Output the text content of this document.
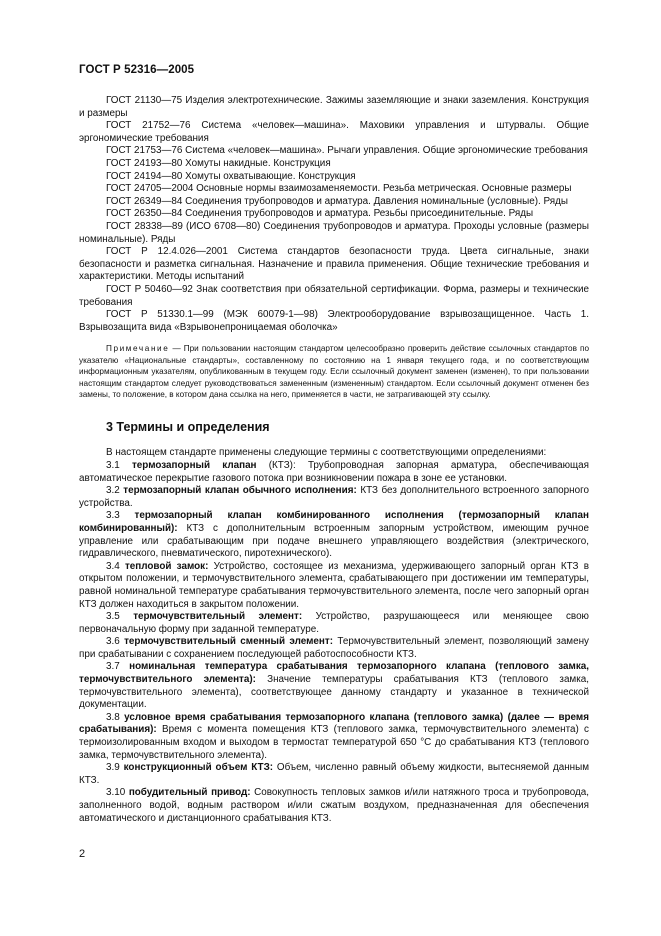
ГОСТ Р 52316—2005

ГОСТ 21130—75 Изделия электротехнические. Зажимы заземляющие и знаки заземления. Конструкция и размеры

ГОСТ 21752—76 Система «человек—машина». Маховики управления и штурвалы. Общие эргономические требования

ГОСТ 21753—76 Система «человек—машина». Рычаги управления. Общие эргономические требования

ГОСТ 24193—80 Хомуты накидные. Конструкция

ГОСТ 24194—80 Хомуты охватывающие. Конструкция

ГОСТ 24705—2004 Основные нормы взаимозаменяемости. Резьба метрическая. Основные размеры

ГОСТ 26349—84 Соединения трубопроводов и арматура. Давления номинальные (условные). Ряды

ГОСТ 26350—84 Соединения трубопроводов и арматура. Резьбы присоединительные. Ряды

ГОСТ 28338—89 (ИСО 6708—80) Соединения трубопроводов и арматура. Проходы условные (размеры номинальные). Ряды

ГОСТ Р 12.4.026—2001 Система стандартов безопасности труда. Цвета сигнальные, знаки безопасности и разметка сигнальная. Назначение и правила применения. Общие технические требования и характеристики. Методы испытаний

ГОСТ Р 50460—92 Знак соответствия при обязательной сертификации. Форма, размеры и технические требования

ГОСТ Р 51330.1—99 (МЭК 60079-1—98) Электрооборудование взрывозащищенное. Часть 1. Взрывозащита вида «Взрывонепроницаемая оболочка»

Примечание — При пользовании настоящим стандартом целесообразно проверить действие ссылочных стандартов по указателю «Национальные стандарты», составленному по состоянию на 1 января текущего года, и по соответствующим информационным указателям, опубликованным в текущем году. Если ссылочный документ заменен (изменен), то при пользовании настоящим стандартом следует руководствоваться замененным (измененным) стандартом. Если ссылочный документ отменен без замены, то положение, в котором дана ссылка на него, применяется в части, не затрагивающей эту ссылку.

3 Термины и определения

В настоящем стандарте применены следующие термины с соответствующими определениями:

3.1 термозапорный клапан (КТЗ): Трубопроводная запорная арматура, обеспечивающая автоматическое перекрытие газового потока при возникновении пожара в зоне ее установки.

3.2 термозапорный клапан обычного исполнения: КТЗ без дополнительного встроенного запорного устройства.

3.3 термозапорный клапан комбинированного исполнения (термозапорный клапан комбинированный): КТЗ с дополнительным встроенным запорным устройством, имеющим ручное управление или срабатывающим при подаче внешнего управляющего воздействия (электрического, гидравлического, пневматического, пиротехнического).

3.4 тепловой замок: Устройство, состоящее из механизма, удерживающего запорный орган КТЗ в открытом положении, и термочувствительного элемента, срабатывающего при достижении им температуры, равной номинальной температуре срабатывания термочувствительного элемента, после чего запорный орган КТЗ должен находиться в закрытом положении.

3.5 термочувствительный элемент: Устройство, разрушающееся или меняющее свою первоначальную форму при заданной температуре.

3.6 термочувствительный сменный элемент: Термочувствительный элемент, позволяющий замену при срабатывании с сохранением последующей работоспособности КТЗ.

3.7 номинальная температура срабатывания термозапорного клапана (теплового замка, термочувствительного элемента): Значение температуры срабатывания КТЗ (теплового замка, термочувствительного элемента), соответствующее данному стандарту и указанное в технической документации.

3.8 условное время срабатывания термозапорного клапана (теплового замка) (далее — время срабатывания): Время с момента помещения КТЗ (теплового замка, термочувствительного элемента) с термоизолированным входом и выходом в термостат температурой 650 °С до срабатывания КТЗ (теплового замка, термочувствительного элемента).

3.9 конструкционный объем КТЗ: Объем, численно равный объему жидкости, вытесняемой данным КТЗ.

3.10 побудительный привод: Совокупность тепловых замков и/или натяжного троса и трубопровода, заполненного водой, водным раствором и/или сжатым воздухом, предназначенная для обеспечения автоматического и дистанционного срабатывания КТЗ.

2
